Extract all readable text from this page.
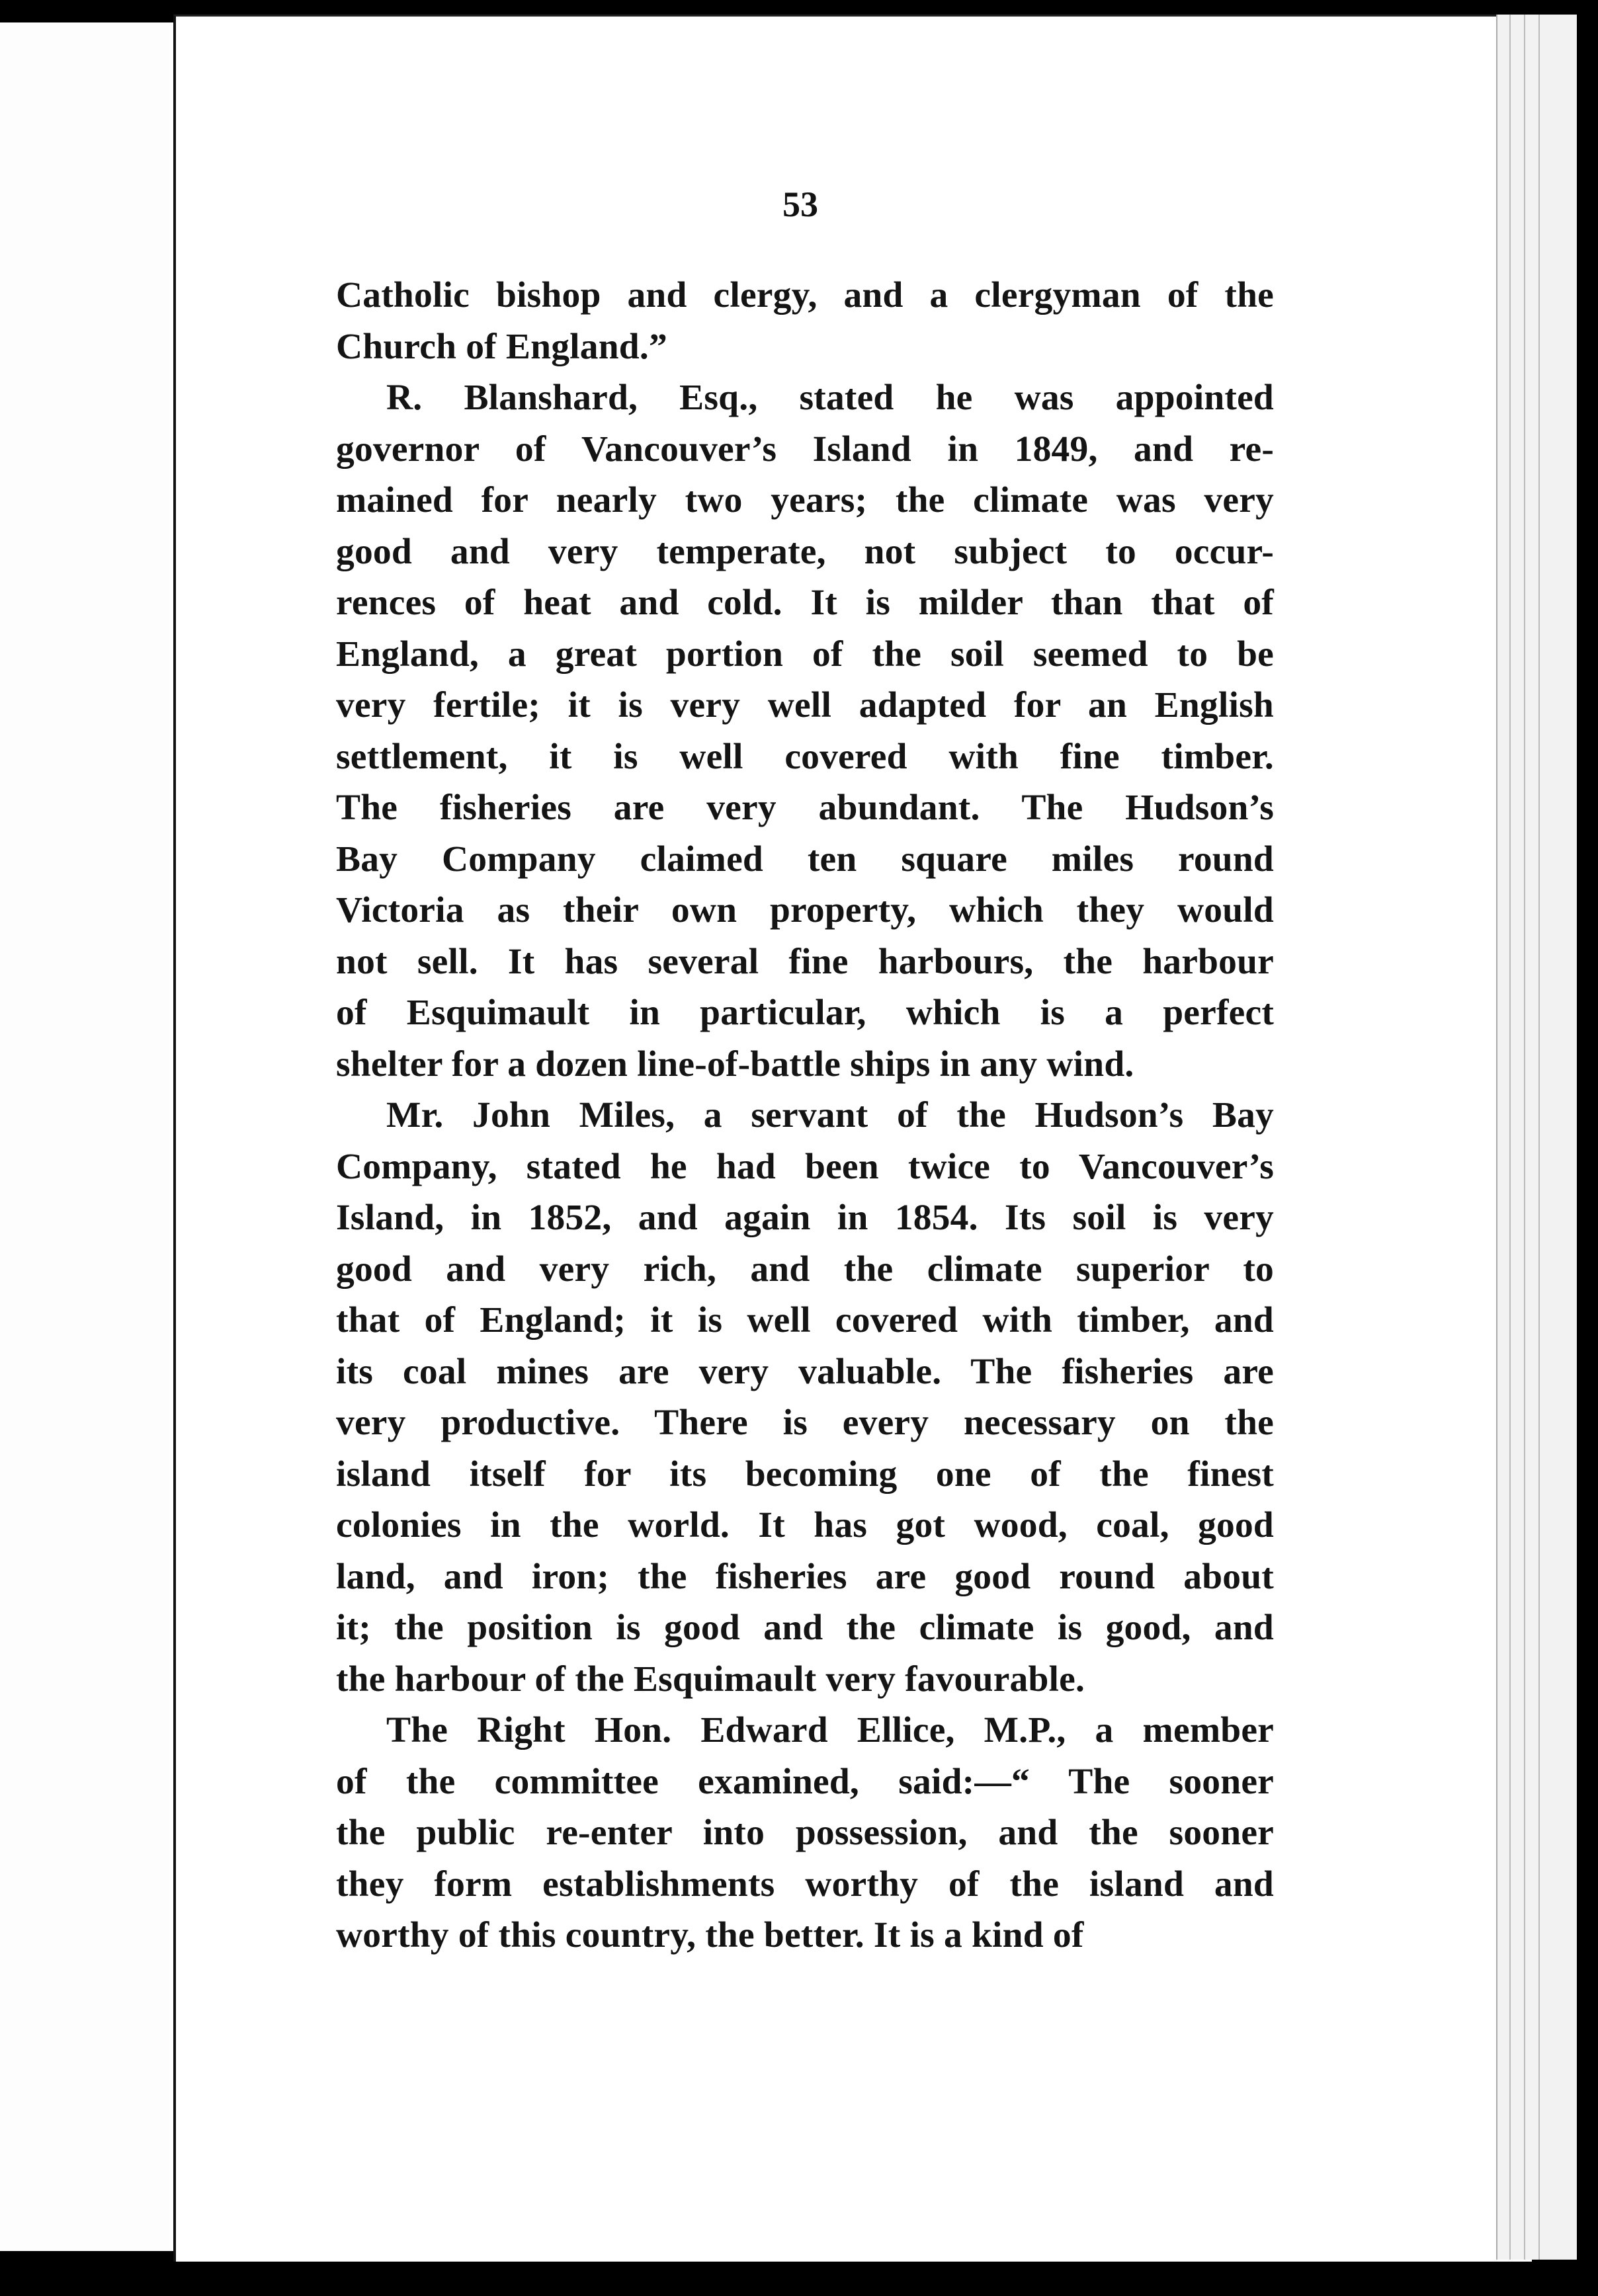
53

Catholic bishop and clergy, and a clergyman of the

Church of England.”

R. Blanshard, Esq., stated he was appointed

governor of Vancouver’s Island in 1849, and re-

mained for nearly two years; the climate was very

good and very temperate, not subject to occur-

rences of heat and cold. It is milder than that of

England, a great portion of the soil seemed to be

very fertile; it is very well adapted for an English

settlement, it is well covered with fine timber.

The fisheries are very abundant. The Hudson’s

Bay Company claimed ten square miles round

Victoria as their own property, which they would

not sell. It has several fine harbours, the harbour

of Esquimault in particular, which is a perfect

shelter for a dozen line-of-battle ships in any wind.

Mr. John Miles, a servant of the Hudson’s Bay

Company, stated he had been twice to Vancouver’s

Island, in 1852, and again in 1854. Its soil is very

good and very rich, and the climate superior to

that of England; it is well covered with timber, and

its coal mines are very valuable. The fisheries are

very productive. There is every necessary on the

island itself for its becoming one of the finest

colonies in the world. It has got wood, coal, good

land, and iron; the fisheries are good round about

it; the position is good and the climate is good, and

the harbour of the Esquimault very favourable.

The Right Hon. Edward Ellice, M.P., a member

of the committee examined, said:—“ The sooner

the public re-enter into possession, and the sooner

they form establishments worthy of the island and

worthy of this country, the better. It is a kind of
